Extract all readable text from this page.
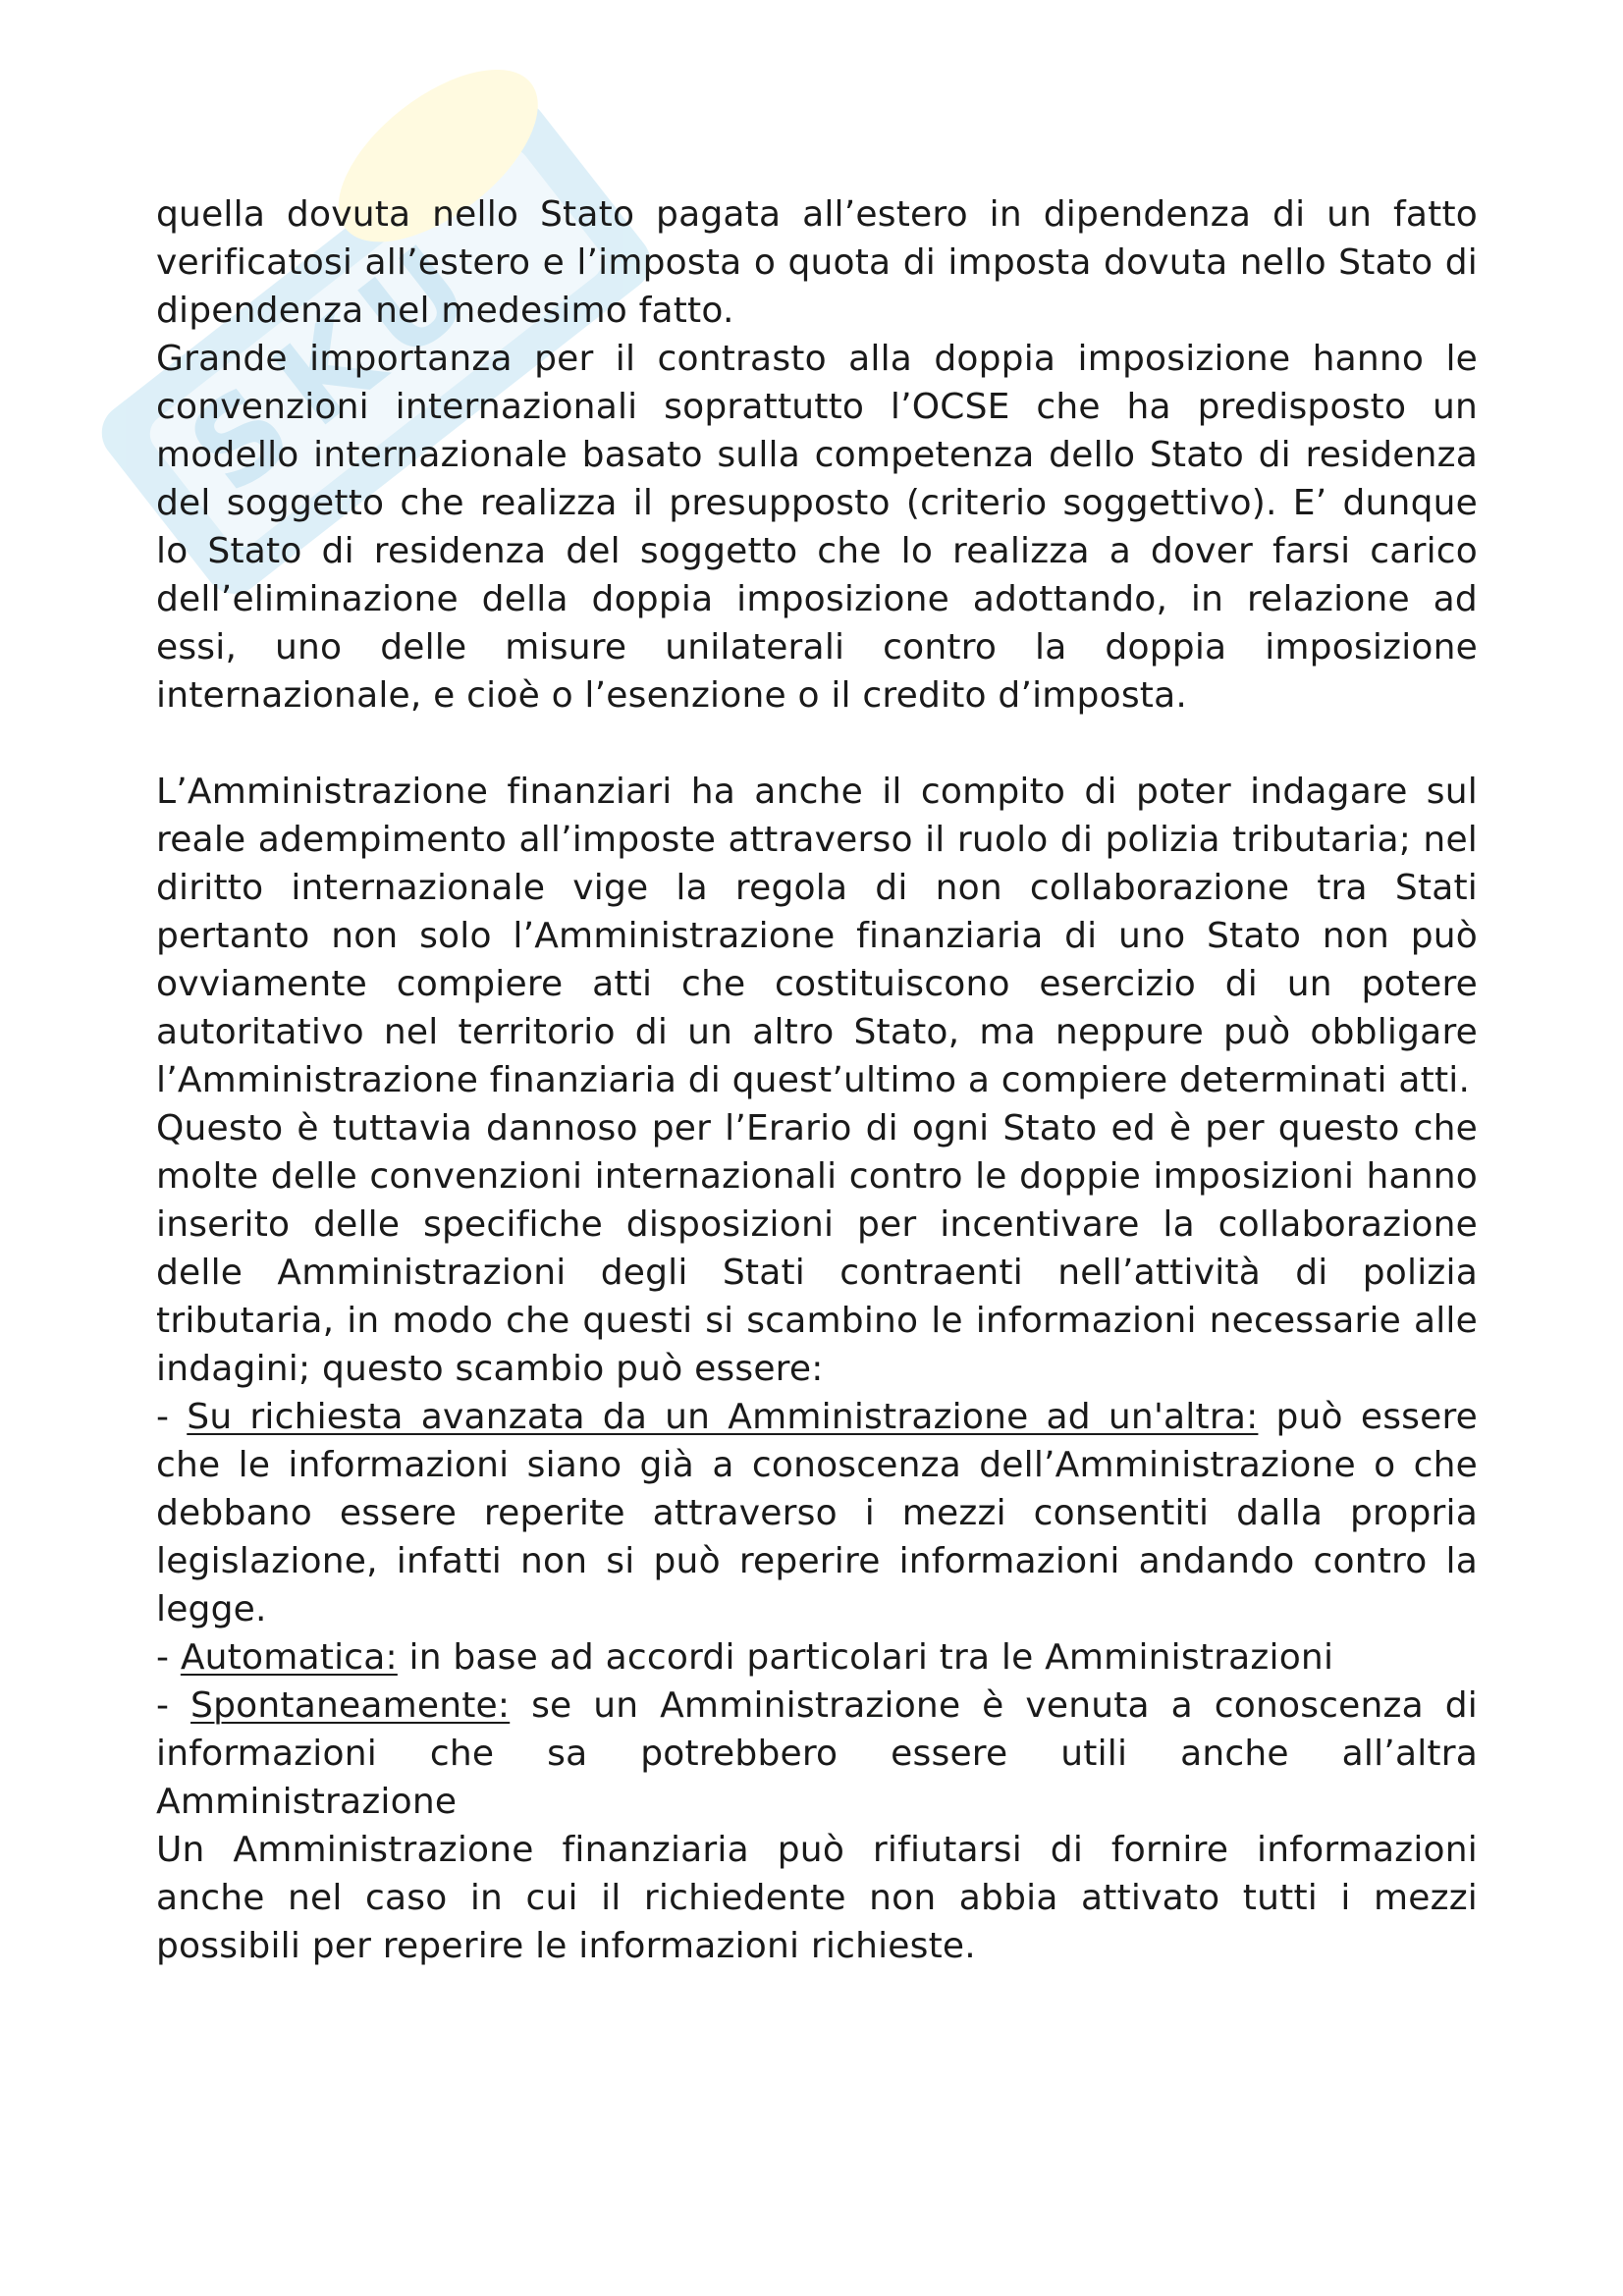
S
K
U

quella dovuta nello Stato pagata all’estero in dipendenza di un fatto verificatosi all’estero e l’imposta o quota di imposta dovuta nello Stato di dipendenza nel medesimo fatto.

Grande importanza per il contrasto alla doppia imposizione hanno le convenzioni internazionali soprattutto l’OCSE che ha predisposto un modello internazionale basato sulla competenza dello Stato di residenza del soggetto che realizza il presupposto (criterio soggettivo). E’ dunque lo Stato di residenza del soggetto che lo realizza a dover farsi carico dell’eliminazione della doppia imposizione adottando, in relazione ad essi, uno delle misure unilaterali contro la doppia imposizione internazionale, e cioè o l’esenzione o il credito d’imposta.

L’Amministrazione finanziari ha anche il compito di poter indagare sul reale adempimento all’imposte attraverso il ruolo di polizia tributaria; nel diritto internazionale vige la regola di non collaborazione tra Stati pertanto non solo l’Amministrazione finanziaria di uno Stato non può ovviamente compiere atti che costituiscono esercizio di un potere autoritativo nel territorio di un altro Stato, ma neppure può obbligare l’Amministrazione finanziaria di quest’ultimo a compiere determinati atti.

Questo è tuttavia dannoso per l’Erario di ogni Stato ed è per questo che molte delle convenzioni internazionali contro le doppie imposizioni hanno inserito delle specifiche disposizioni per incentivare la collaborazione delle Amministrazioni degli Stati contraenti nell’attività di polizia tributaria, in modo che questi si scambino le informazioni necessarie alle indagini; questo scambio può essere:

- Su richiesta avanzata da un Amministrazione ad un'altra: può essere che le informazioni siano già a conoscenza dell’Amministrazione o che debbano essere reperite attraverso i mezzi consentiti dalla propria legislazione, infatti non si può reperire informazioni andando contro la legge.

- Automatica: in base ad accordi particolari tra le Amministrazioni

- Spontaneamente: se un Amministrazione è venuta a conoscenza di informazioni che sa potrebbero essere utili anche all’altra Amministrazione

Un Amministrazione finanziaria può rifiutarsi di fornire informazioni anche nel caso in cui il richiedente non abbia attivato tutti i mezzi possibili per reperire le informazioni richieste.
